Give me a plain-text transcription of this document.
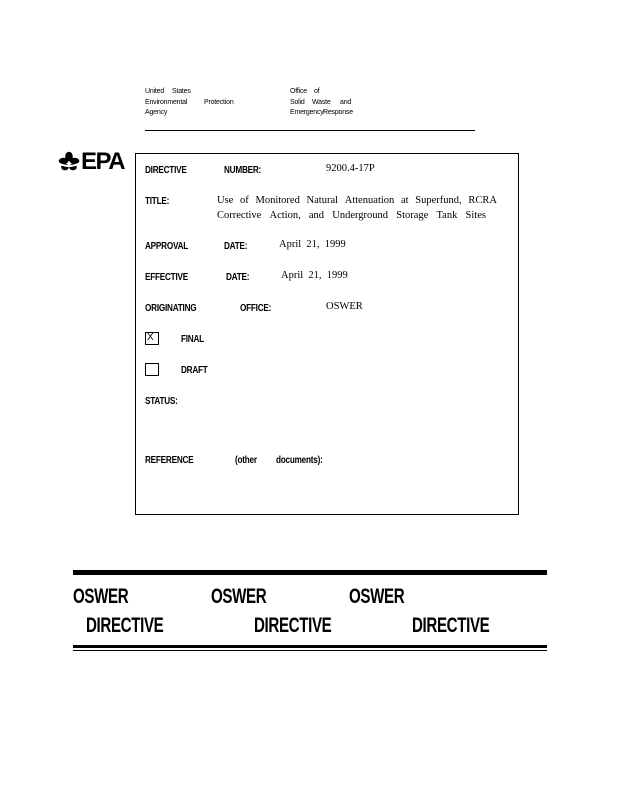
United States
Environmental Protection
Agency
Office of
Solid Waste and
Emergency Response
EPA DIRECTIVE	NUMBER:	9200.4-17P
TITLE:	Use of Monitored Natural Attenuation at Superfund, RCRA
Corrective Action, and Underground Storage Tank Sites
APPROVAL	DATE:	April  21,  1999
EFFECTIVE	DATE:	April  21,  1999
ORIGINATING	OFFICE:	OSWER
X	FINAL
DRAFT
STATUS:
REFERENCE	(other documents):
OSWER	OSWER	OSWER
DIRECTIVE	DIRECTIVE	DIRECTIVE
